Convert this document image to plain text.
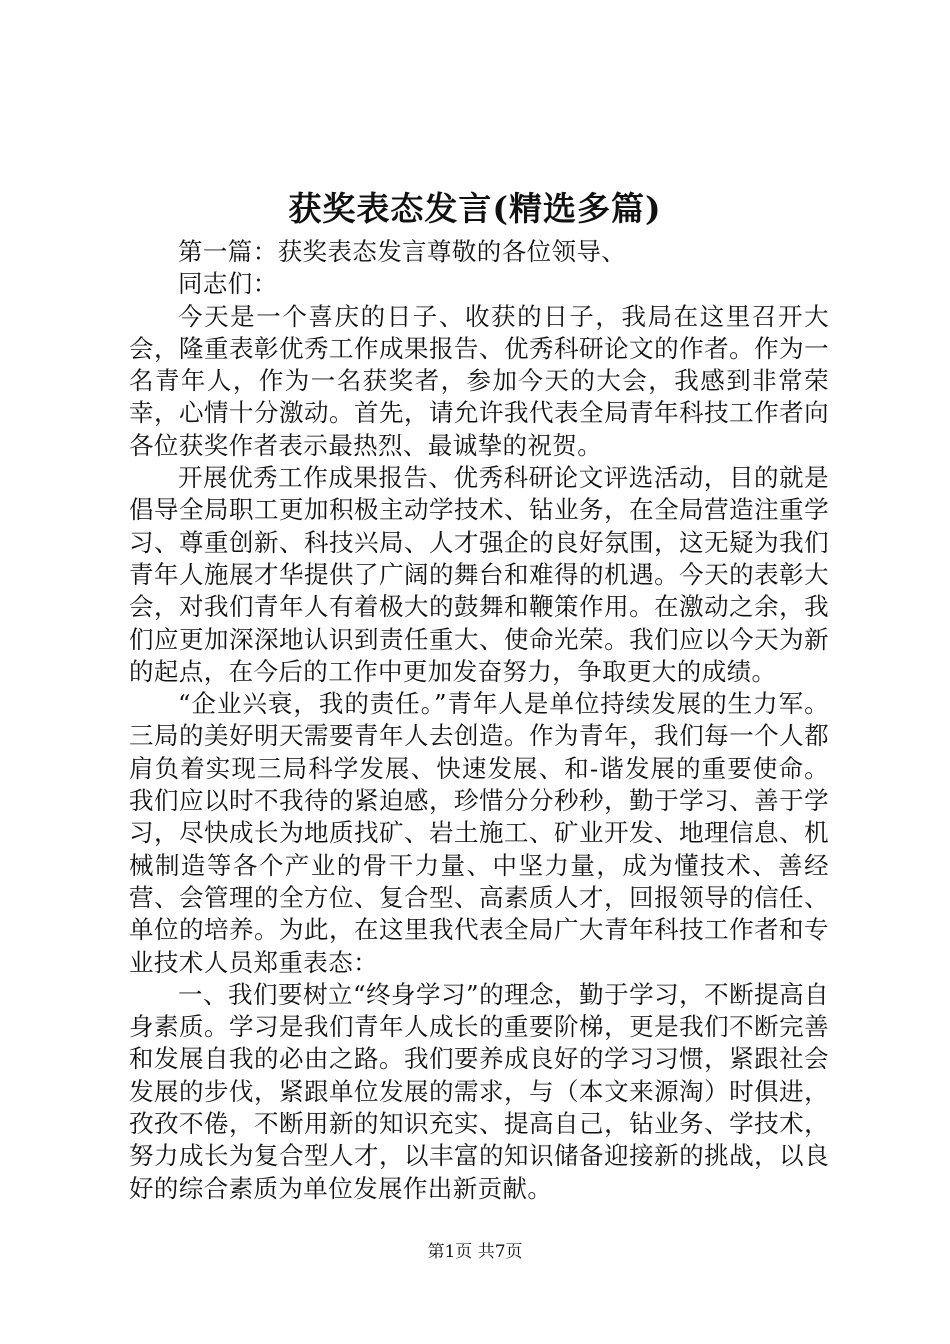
获奖表态发言(精选多篇)

第一篇：获奖表态发言尊敬的各位领导、

同志们：

今天是一个喜庆的日子、收获的日子，我局在这里召开大会，隆重表彰优秀工作成果报告、优秀科研论文的作者。作为一名青年人，作为一名获奖者，参加今天的大会，我感到非常荣幸，心情十分激动。首先，请允许我代表全局青年科技工作者向各位获奖作者表示最热烈、最诚挚的祝贺。

开展优秀工作成果报告、优秀科研论文评选活动，目的就是倡导全局职工更加积极主动学技术、钻业务，在全局营造注重学习、尊重创新、科技兴局、人才强企的良好氛围，这无疑为我们青年人施展才华提供了广阔的舞台和难得的机遇。今天的表彰大会，对我们青年人有着极大的鼓舞和鞭策作用。在激动之余，我们应更加深深地认识到责任重大、使命光荣。我们应以今天为新的起点，在今后的工作中更加发奋努力，争取更大的成绩。

“企业兴衰，我的责任。”青年人是单位持续发展的生力军。三局的美好明天需要青年人去创造。作为青年，我们每一个人都肩负着实现三局科学发展、快速发展、和-谐发展的重要使命。我们应以时不我待的紧迫感，珍惜分分秒秒，勤于学习、善于学习，尽快成长为地质找矿、岩土施工、矿业开发、地理信息、机械制造等各个产业的骨干力量、中坚力量，成为懂技术、善经营、会管理的全方位、复合型、高素质人才，回报领导的信任、单位的培养。为此，在这里我代表全局广大青年科技工作者和专业技术人员郑重表态：

一、我们要树立“终身学习”的理念，勤于学习，不断提高自身素质。学习是我们青年人成长的重要阶梯，更是我们不断完善和发展自我的必由之路。我们要养成良好的学习习惯，紧跟社会发展的步伐，紧跟单位发展的需求，与（本文来源淘）时俱进，孜孜不倦，不断用新的知识充实、提高自己，钻业务、学技术，努力成长为复合型人才，以丰富的知识储备迎接新的挑战，以良好的综合素质为单位发展作出新贡献。

第1页 共7页
